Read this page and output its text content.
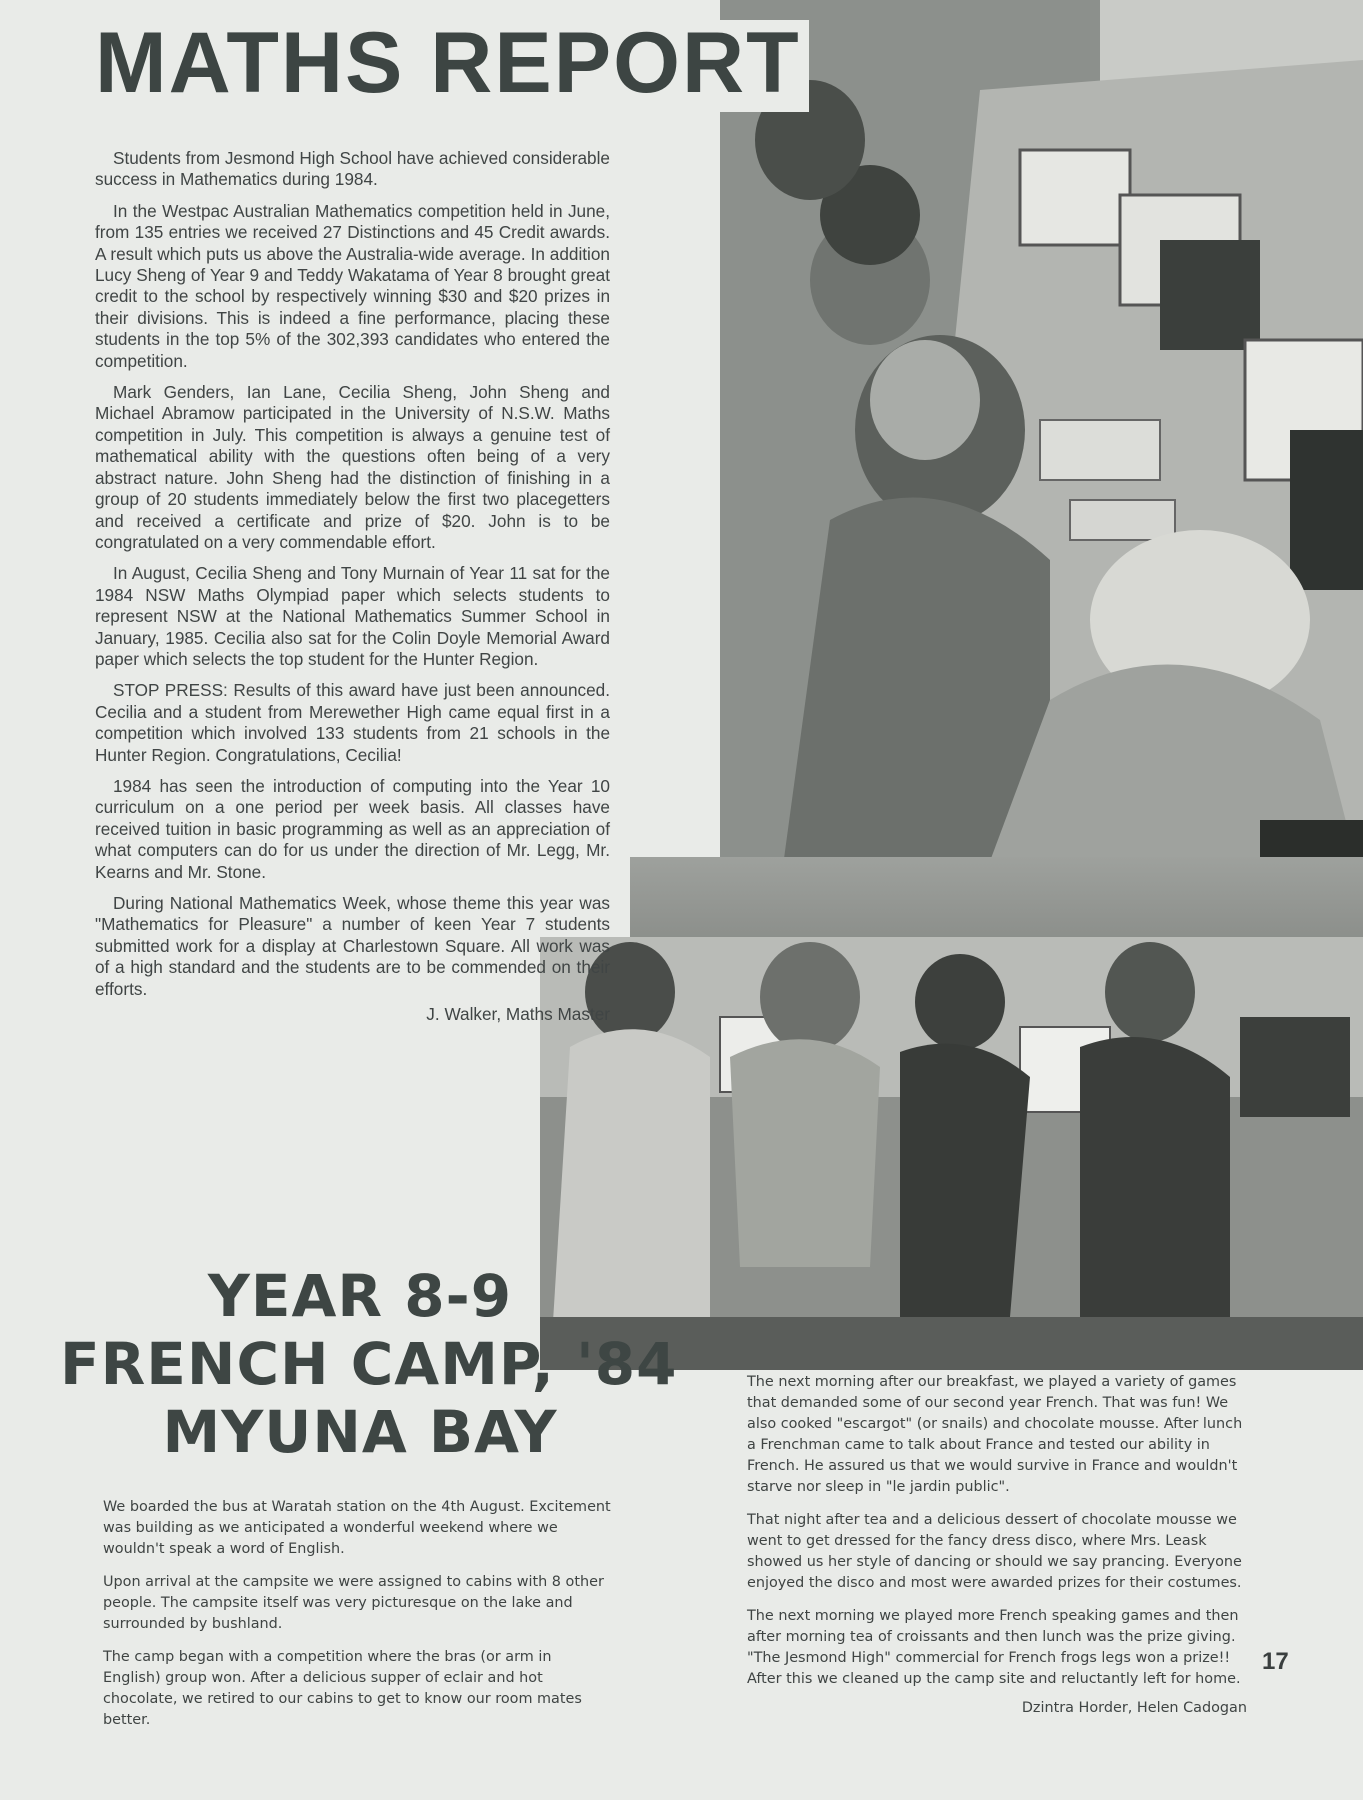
MATHS REPORT

Students from Jesmond High School have achieved considerable success in Mathematics during 1984.

In the Westpac Australian Mathematics competition held in June, from 135 entries we received 27 Distinctions and 45 Credit awards. A result which puts us above the Australia-wide average. In addition Lucy Sheng of Year 9 and Teddy Wakatama of Year 8 brought great credit to the school by respectively winning $30 and $20 prizes in their divisions. This is indeed a fine performance, placing these students in the top 5% of the 302,393 candidates who entered the competition.

Mark Genders, Ian Lane, Cecilia Sheng, John Sheng and Michael Abramow participated in the University of N.S.W. Maths competition in July. This competition is always a genuine test of mathematical ability with the questions often being of a very abstract nature. John Sheng had the distinction of finishing in a group of 20 students immediately below the first two placegetters and received a certificate and prize of $20. John is to be congratulated on a very commendable effort.

In August, Cecilia Sheng and Tony Murnain of Year 11 sat for the 1984 NSW Maths Olympiad paper which selects students to represent NSW at the National Mathematics Summer School in January, 1985. Cecilia also sat for the Colin Doyle Memorial Award paper which selects the top student for the Hunter Region.

STOP PRESS: Results of this award have just been announced. Cecilia and a student from Merewether High came equal first in a competition which involved 133 students from 21 schools in the Hunter Region. Congratulations, Cecilia!

1984 has seen the introduction of computing into the Year 10 curriculum on a one period per week basis. All classes have received tuition in basic programming as well as an appreciation of what computers can do for us under the direction of Mr. Legg, Mr. Kearns and Mr. Stone.

During National Mathematics Week, whose theme this year was "Mathematics for Pleasure" a number of keen Year 7 students submitted work for a display at Charlestown Square. All work was of a high standard and the students are to be commended on their efforts.

J. Walker, Maths Master

YEAR 8-9
FRENCH CAMP, '84
MYUNA BAY

We boarded the bus at Waratah station on the 4th August. Excitement was building as we anticipated a wonderful weekend where we wouldn't speak a word of English.

Upon arrival at the campsite we were assigned to cabins with 8 other people. The campsite itself was very picturesque on the lake and surrounded by bushland.

The camp began with a competition where the bras (or arm in English) group won. After a delicious supper of eclair and hot chocolate, we retired to our cabins to get to know our room mates better.

The next morning after our breakfast, we played a variety of games that demanded some of our second year French. That was fun! We also cooked "escargot" (or snails) and chocolate mousse. After lunch a Frenchman came to talk about France and tested our ability in French. He assured us that we would survive in France and wouldn't starve nor sleep in "le jardin public".

That night after tea and a delicious dessert of chocolate mousse we went to get dressed for the fancy dress disco, where Mrs. Leask showed us her style of dancing or should we say prancing. Everyone enjoyed the disco and most were awarded prizes for their costumes.

The next morning we played more French speaking games and then after morning tea of croissants and then lunch was the prize giving. "The Jesmond High" commercial for French frogs legs won a prize!! After this we cleaned up the camp site and reluctantly left for home.

Dzintra Horder, Helen Cadogan

17
